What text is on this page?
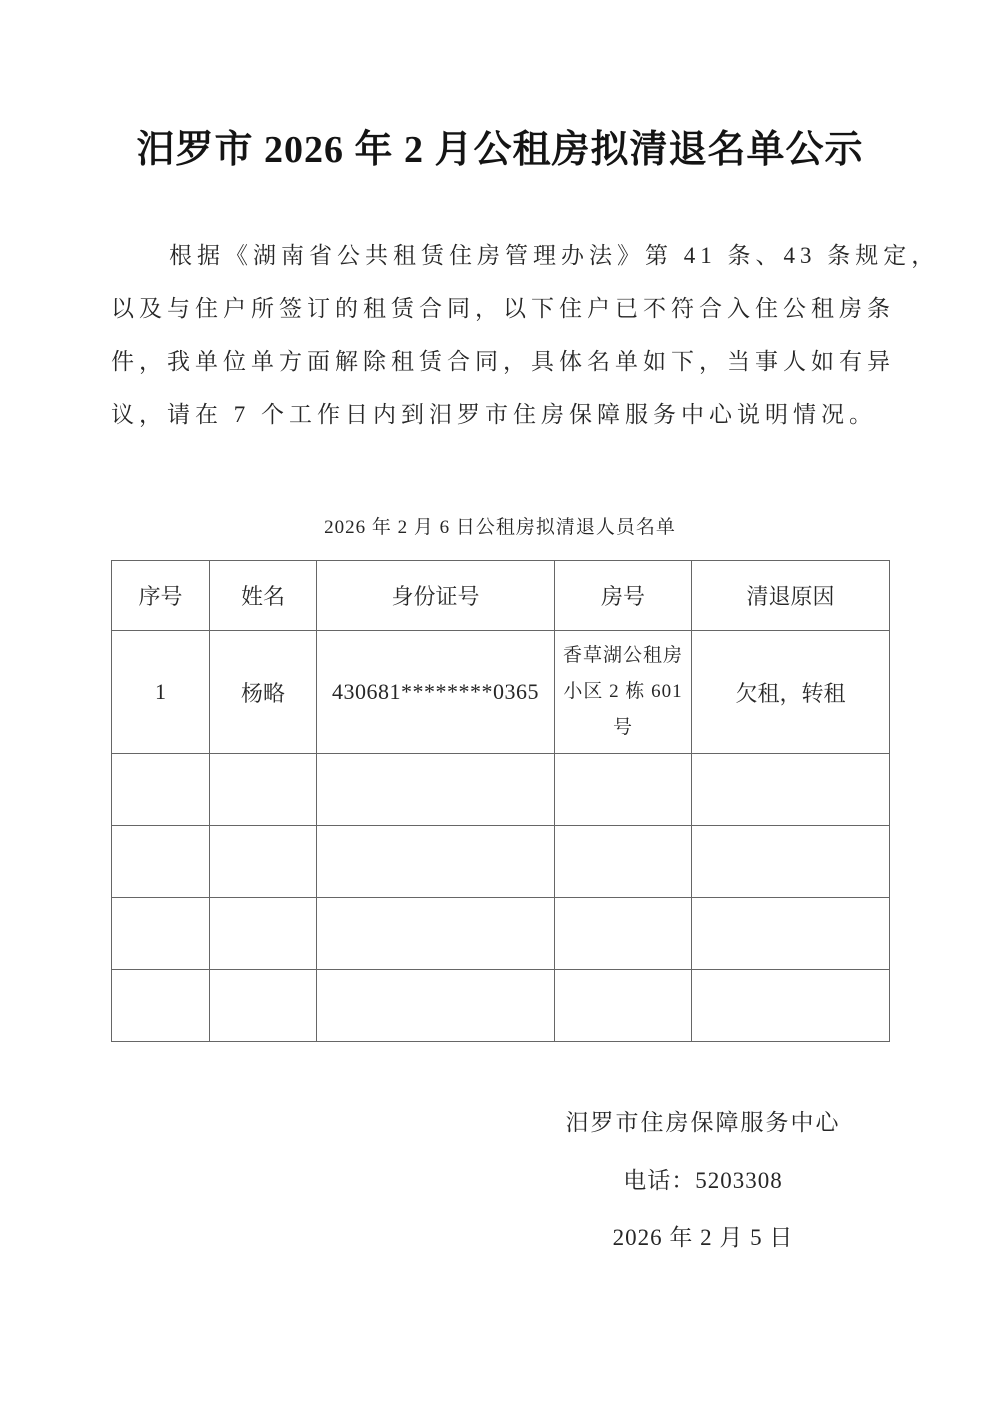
汨罗市 2026 年 2 月公租房拟清退名单公示
根据《湖南省公共租赁住房管理办法》第 41 条、43 条规定，
以及与住户所签订的租赁合同，以下住户已不符合入住公租房条
件，我单位单方面解除租赁合同，具体名单如下，当事人如有异
议，请在 7 个工作日内到汨罗市住房保障服务中心说明情况。
2026 年 2 月 6 日公租房拟清退人员名单
序号	姓名	身份证号	房号	清退原因
1	杨略	430681********0365	香草湖公租房小区 2 栋 601 号	欠租，转租

汨罗市住房保障服务中心
电话：5203308
2026 年 2 月 5 日
